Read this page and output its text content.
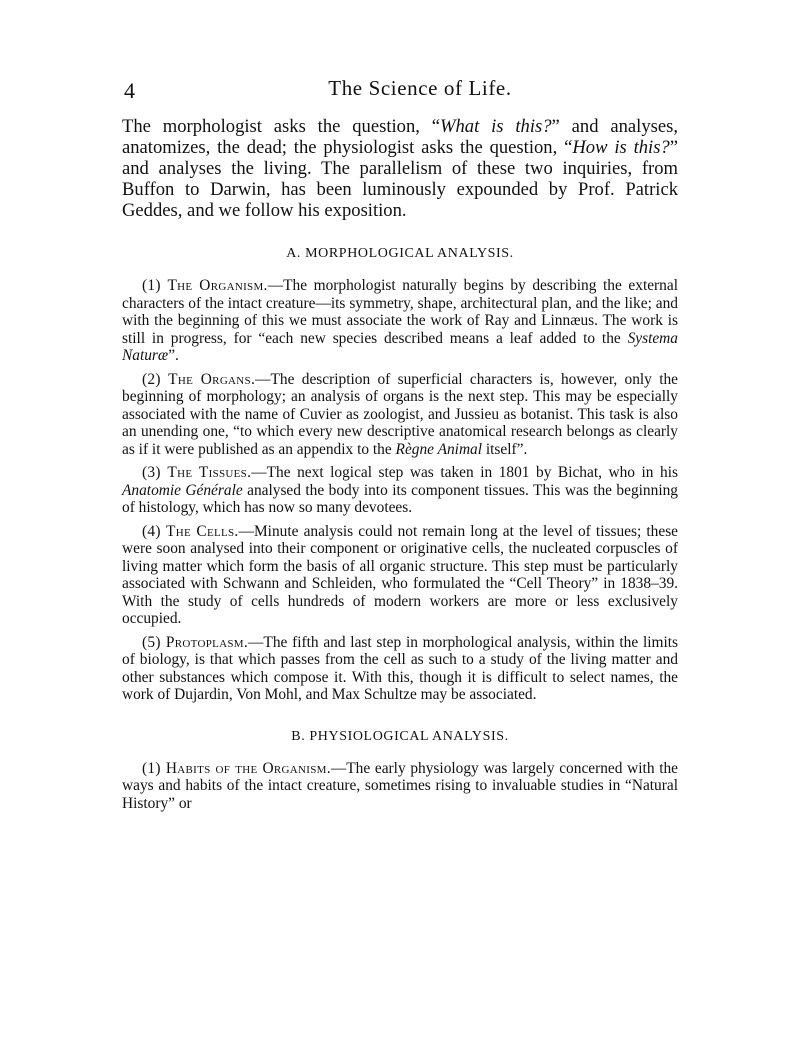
4	The Science of Life.

The morphologist asks the question, “What is this?” and analyses, anatomizes, the dead; the physiologist asks the question, “How is this?” and analyses the living. The parallelism of these two inquiries, from Buffon to Darwin, has been luminously expounded by Prof. Patrick Geddes, and we follow his exposition.

A. MORPHOLOGICAL ANALYSIS.

(1) The Organism.—The morphologist naturally begins by describing the external characters of the intact creature—its symmetry, shape, architectural plan, and the like; and with the beginning of this we must associate the work of Ray and Linnæus. The work is still in progress, for “each new species described means a leaf added to the Systema Naturæ”.

(2) The Organs.—The description of superficial characters is, however, only the beginning of morphology; an analysis of organs is the next step. This may be especially associated with the name of Cuvier as zoologist, and Jussieu as botanist. This task is also an unending one, “to which every new descriptive anatomical research belongs as clearly as if it were published as an appendix to the Règne Animal itself”.

(3) The Tissues.—The next logical step was taken in 1801 by Bichat, who in his Anatomie Générale analysed the body into its component tissues. This was the beginning of histology, which has now so many devotees.

(4) The Cells.—Minute analysis could not remain long at the level of tissues; these were soon analysed into their component or originative cells, the nucleated corpuscles of living matter which form the basis of all organic structure. This step must be particularly associated with Schwann and Schleiden, who formulated the “Cell Theory” in 1838–39. With the study of cells hundreds of modern workers are more or less exclusively occupied.

(5) Protoplasm.—The fifth and last step in morphological analysis, within the limits of biology, is that which passes from the cell as such to a study of the living matter and other substances which compose it. With this, though it is difficult to select names, the work of Dujardin, Von Mohl, and Max Schultze may be associated.

B. PHYSIOLOGICAL ANALYSIS.

(1) Habits of the Organism.—The early physiology was largely concerned with the ways and habits of the intact creature, sometimes rising to invaluable studies in “Natural History” or
